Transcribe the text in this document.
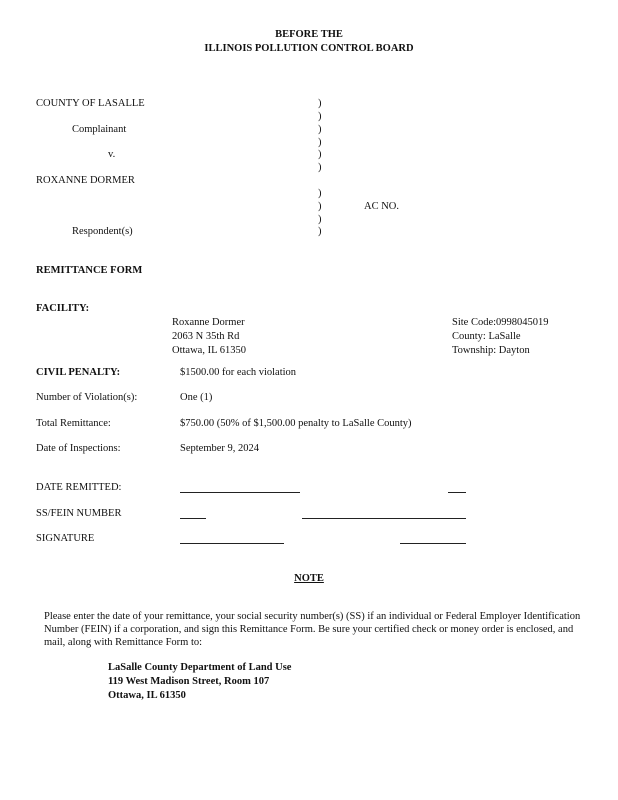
BEFORE THE
ILLINOIS POLLUTION CONTROL BOARD
COUNTY OF LASALLE
Complainant
v.
ROXANNE DORMER
Respondent(s)
)
)
)
)
)
)
)
)
)
)
AC NO.
REMITTANCE FORM
FACILITY:
Roxanne Dormer
2063 N 35th Rd
Ottawa, IL 61350
Site Code:0998045019
County: LaSalle
Township: Dayton
CIVIL PENALTY:	$1500.00 for each violation
Number of Violation(s):	One (1)
Total Remittance:	$750.00 (50% of $1,500.00 penalty to LaSalle County)
Date of Inspections:	September 9, 2024
DATE REMITTED:
SS/FEIN NUMBER
SIGNATURE
NOTE
Please enter the date of your remittance, your social security number(s) (SS) if an individual or Federal Employer Identification Number (FEIN) if a corporation, and sign this Remittance Form. Be sure your certified check or money order is enclosed, and mail, along with Remittance Form to:
LaSalle County Department of Land Use
119 West Madison Street, Room 107
Ottawa, IL 61350
